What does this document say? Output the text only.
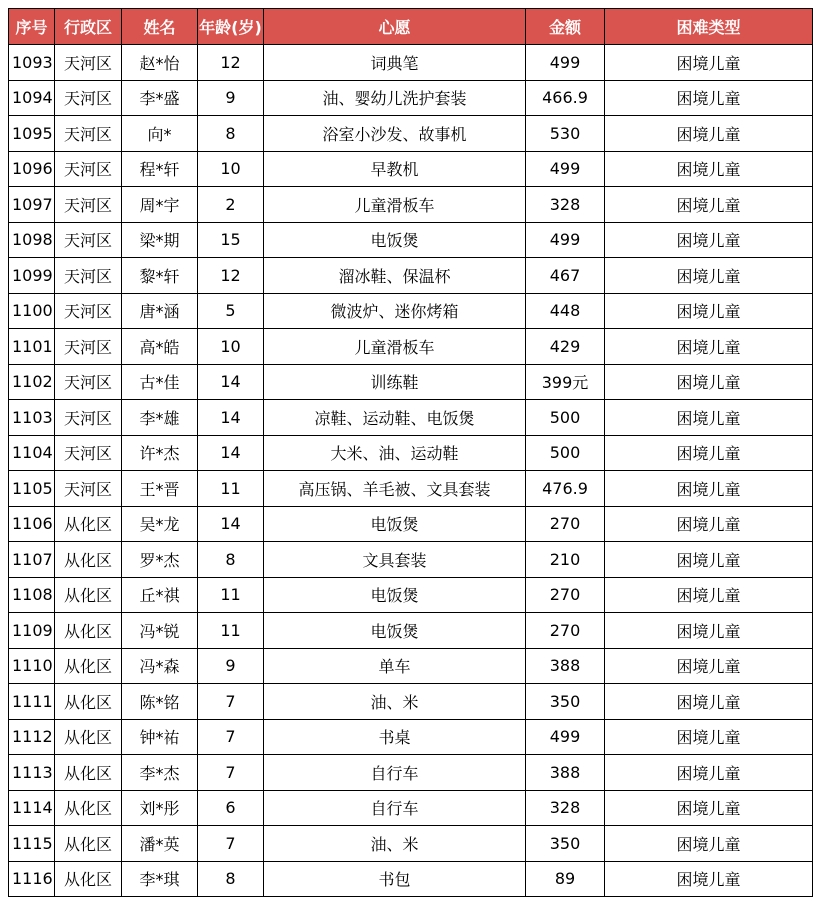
序号	行政区	姓名	年龄(岁)	心愿	金额	困难类型
1093	天河区	赵*怡	12	词典笔	499	困境儿童
1094	天河区	李*盛	9	油、婴幼儿洗护套装	466.9	困境儿童
1095	天河区	向*	8	浴室小沙发、故事机	530	困境儿童
1096	天河区	程*轩	10	早教机	499	困境儿童
1097	天河区	周*宇	2	儿童滑板车	328	困境儿童
1098	天河区	梁*期	15	电饭煲	499	困境儿童
1099	天河区	黎*轩	12	溜冰鞋、保温杯	467	困境儿童
1100	天河区	唐*涵	5	微波炉、迷你烤箱	448	困境儿童
1101	天河区	高*皓	10	儿童滑板车	429	困境儿童
1102	天河区	古*佳	14	训练鞋	399元	困境儿童
1103	天河区	李*雄	14	凉鞋、运动鞋、电饭煲	500	困境儿童
1104	天河区	许*杰	14	大米、油、运动鞋	500	困境儿童
1105	天河区	王*晋	11	高压锅、羊毛被、文具套装	476.9	困境儿童
1106	从化区	吴*龙	14	电饭煲	270	困境儿童
1107	从化区	罗*杰	8	文具套装	210	困境儿童
1108	从化区	丘*祺	11	电饭煲	270	困境儿童
1109	从化区	冯*锐	11	电饭煲	270	困境儿童
1110	从化区	冯*森	9	单车	388	困境儿童
1111	从化区	陈*铭	7	油、米	350	困境儿童
1112	从化区	钟*祐	7	书桌	499	困境儿童
1113	从化区	李*杰	7	自行车	388	困境儿童
1114	从化区	刘*彤	6	自行车	328	困境儿童
1115	从化区	潘*英	7	油、米	350	困境儿童
1116	从化区	李*琪	8	书包	89	困境儿童
